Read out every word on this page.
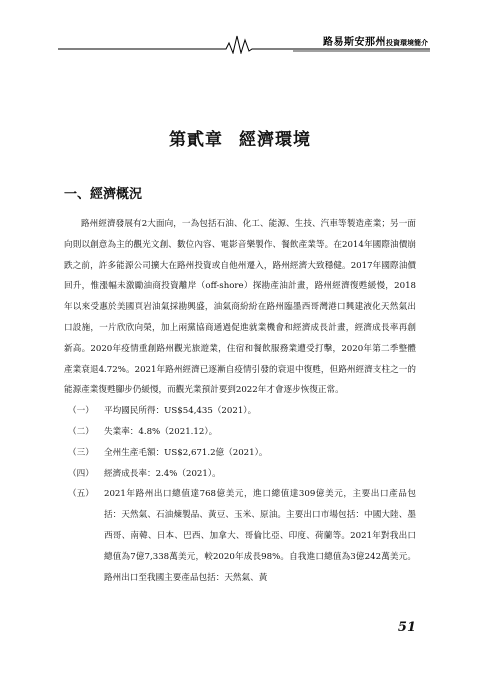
路易斯安那州投資環境簡介
第貳章 經濟環境
一、經濟概況

路州經濟發展有2大面向，一為包括石油、化工、能源、生技、汽車等製造產業；另一面向則以創意為主的觀光文創、數位內容、電影音樂製作、餐飲產業等。在2014年國際油價崩跌之前，許多能源公司擴大在路州投資或自他州遷入，路州經濟大致穩健。2017年國際油價回升，惟漲幅未激勵油商投資離岸（off-shore）探勘產油計畫，路州經濟復甦緩慢，2018年以來受惠於美國頁岩油氣採勘興盛，油氣商紛紛在路州臨墨西哥灣港口興建液化天然氣出口設施，一片欣欣向榮，加上兩黨協商通過促進就業機會和經濟成長計畫，經濟成長率再創新高。2020年疫情重創路州觀光旅遊業，住宿和餐飲服務業遭受打擊，2020年第二季整體產業衰退4.72%。2021年路州經濟已逐漸自疫情引發的衰退中復甦，但路州經濟支柱之一的能源產業復甦腳步仍緩慢，而觀光業預計要到2022年才會逐步恢復正常。

（一） 平均國民所得：US$54,435（2021）。
（二） 失業率：4.8%（2021.12）。
（三） 全州生產毛額：US$2,671.2億（2021）。
（四） 經濟成長率：2.4%（2021）。
（五） 2021年路州出口總值達768億美元，進口總值達309億美元，主要出口產品包括：天然氣、石油煉製品、黃豆、玉米、原油。主要出口市場包括：中國大陸、墨西哥、南韓、日本、巴西、加拿大、哥倫比亞、印度、荷蘭等。2021年對我出口總值為7億7,338萬美元，較2020年成長98%。自我進口總值為3億242萬美元。路州出口至我國主要產品包括：天然氣、黃
51
